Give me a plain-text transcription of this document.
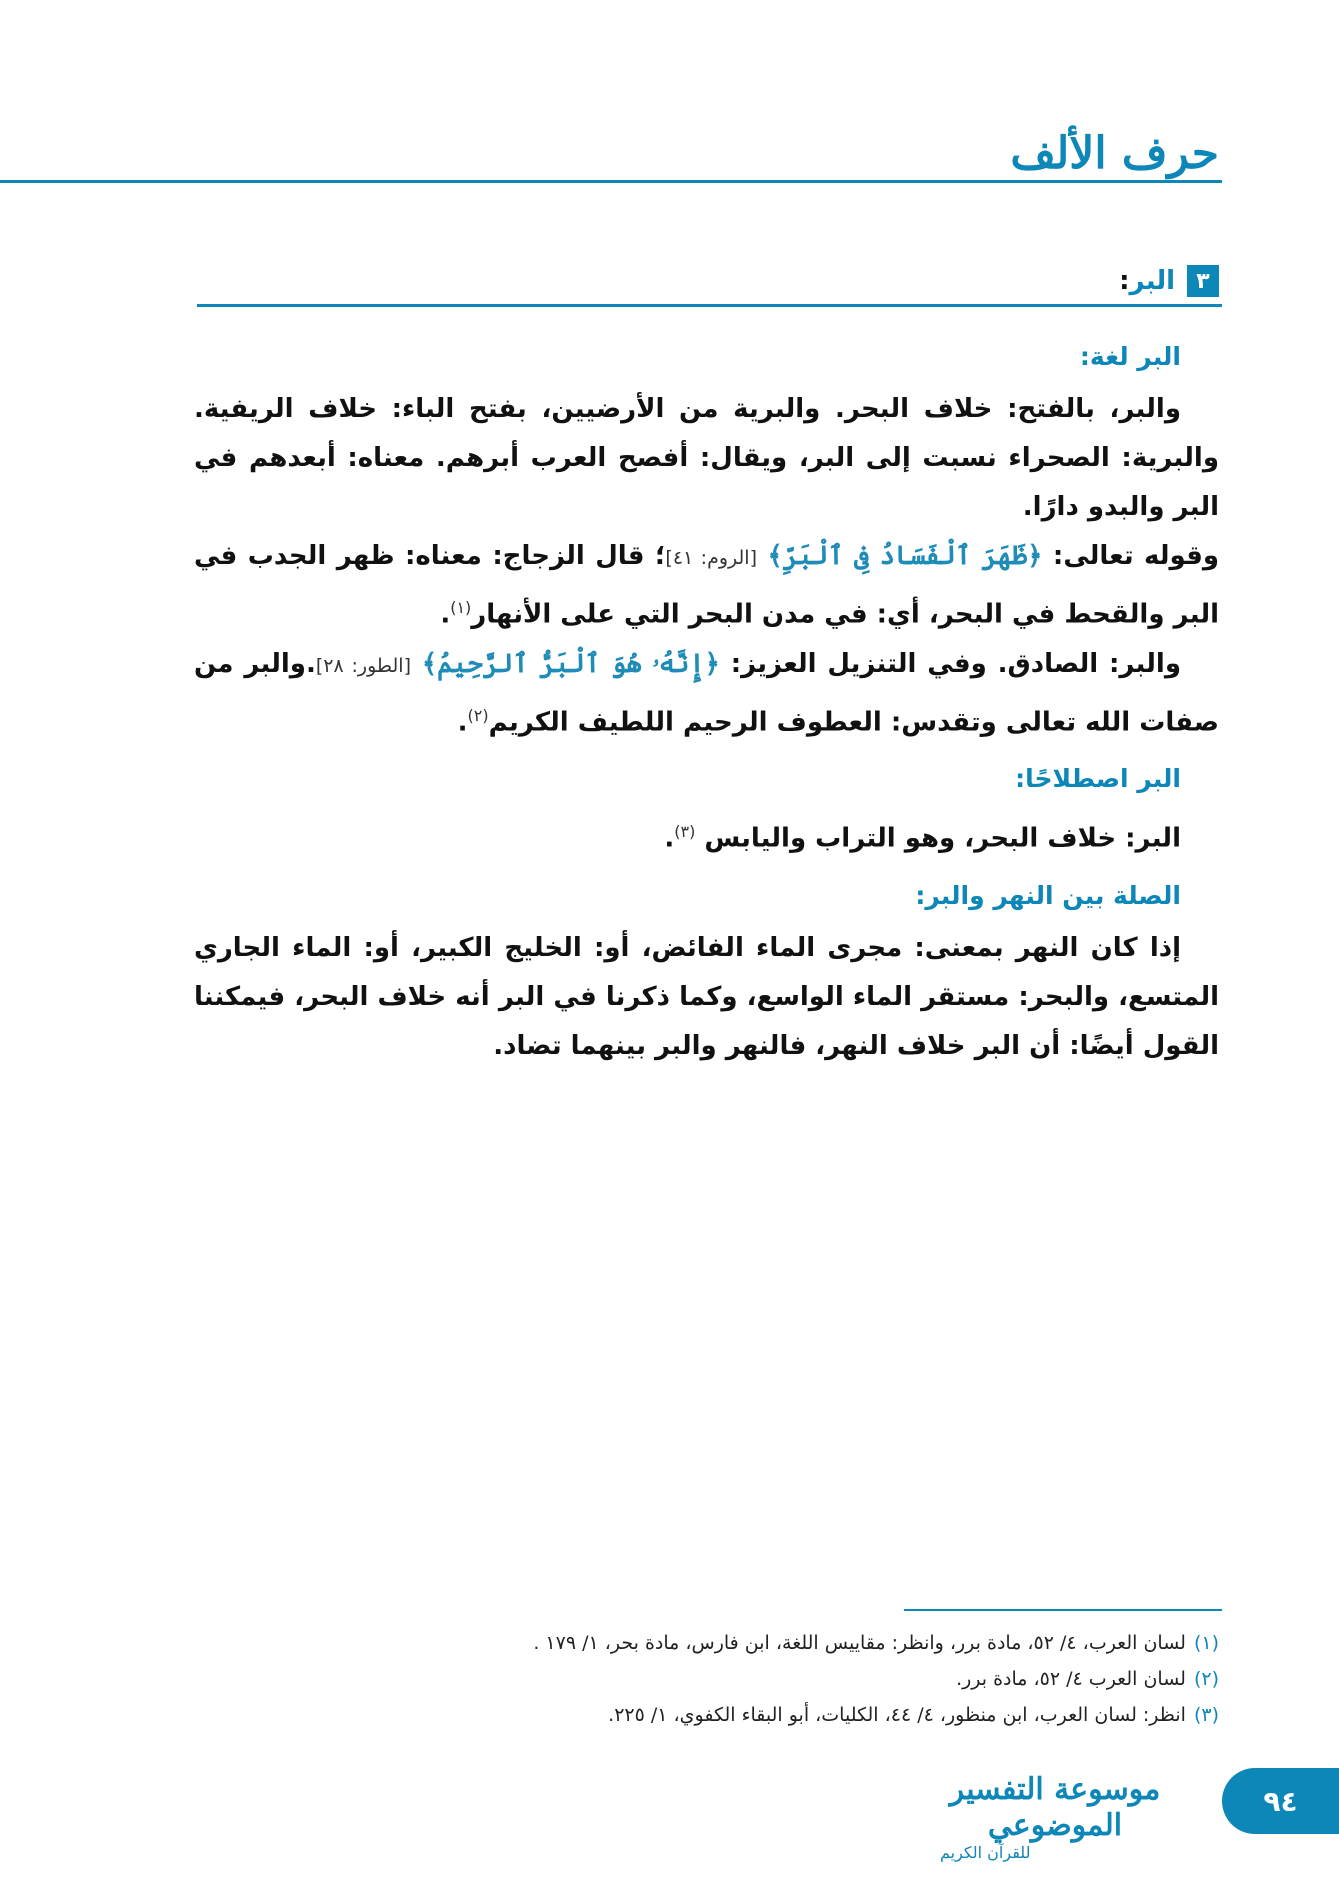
حرف الألف
٣
البر:
البر لغة:

والبر، بالفتح: خلاف البحر. والبرية من الأرضيين، بفتح الباء: خلاف الريفية. والبرية: الصحراء نسبت إلى البر، ويقال: أفصح العرب أبرهم. معناه: أبعدهم في البر والبدو دارًا.

وقوله تعالى: ﴿ظَهَرَ ٱلْفَسَادُ فِى ٱلْبَرِّ﴾ [الروم: ٤١]؛ قال الزجاج: معناه: ظهر الجدب في البر والقحط في البحر، أي: في مدن البحر التي على الأنهار$^{(١)}$.

والبر: الصادق. وفي التنزيل العزيز: ﴿إِنَّهُۥ هُوَ ٱلْبَرُّ ٱلرَّحِيمُ﴾ [الطور: ٢٨].والبر من صفات الله تعالى وتقدس: العطوف الرحيم اللطيف الكريم$^{(٢)}$.

البر اصطلاحًا:

البر: خلاف البحر، وهو التراب واليابس $^{(٣)}$.

الصلة بين النهر والبر:

إذا كان النهر بمعنى: مجرى الماء الفائض، أو: الخليج الكبير، أو: الماء الجاري المتسع، والبحر: مستقر الماء الواسع، وكما ذكرنا في البر أنه خلاف البحر، فيمكننا القول أيضًا: أن البر خلاف النهر، فالنهر والبر بينهما تضاد.

(١)
لسان العرب، ٤/ ٥٢، مادة برر، وانظر: مقاييس اللغة، ابن فارس، مادة بحر، ١/ ١٧٩ .
(٢)
لسان العرب ٤/ ٥٢، مادة برر.
(٣)
انظر: لسان العرب، ابن منظور، ٤/ ٤٤، الكليات، أبو البقاء الكفوي، ١/ ٢٢٥.
موسوعة التفسير الموضوعي
للقرآن الكريم
٩٤
